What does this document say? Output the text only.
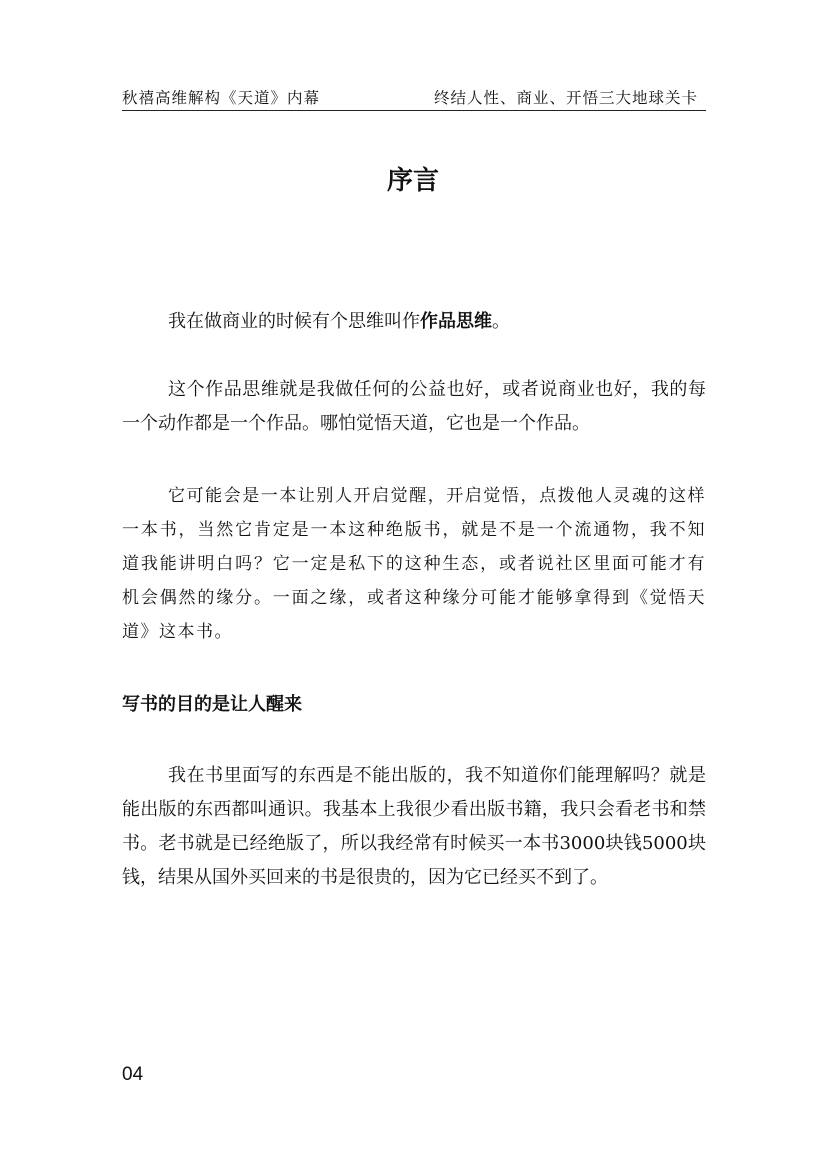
秋禧高维解构《天道》内幕	终结人性、商业、开悟三大地球关卡
序言

我在做商业的时候有个思维叫作作品思维。

这个作品思维就是我做任何的公益也好，或者说商业也好，我的每一个动作都是一个作品。哪怕觉悟天道，它也是一个作品。

它可能会是一本让别人开启觉醒，开启觉悟，点拨他人灵魂的这样一本书，当然它肯定是一本这种绝版书，就是不是一个流通物，我不知道我能讲明白吗？它一定是私下的这种生态，或者说社区里面可能才有机会偶然的缘分。一面之缘，或者这种缘分可能才能够拿得到《觉悟天道》这本书。

写书的目的是让人醒来

我在书里面写的东西是不能出版的，我不知道你们能理解吗？就是能出版的东西都叫通识。我基本上我很少看出版书籍，我只会看老书和禁书。老书就是已经绝版了，所以我经常有时候买一本书3000块钱5000块钱，结果从国外买回来的书是很贵的，因为它已经买不到了。

04
